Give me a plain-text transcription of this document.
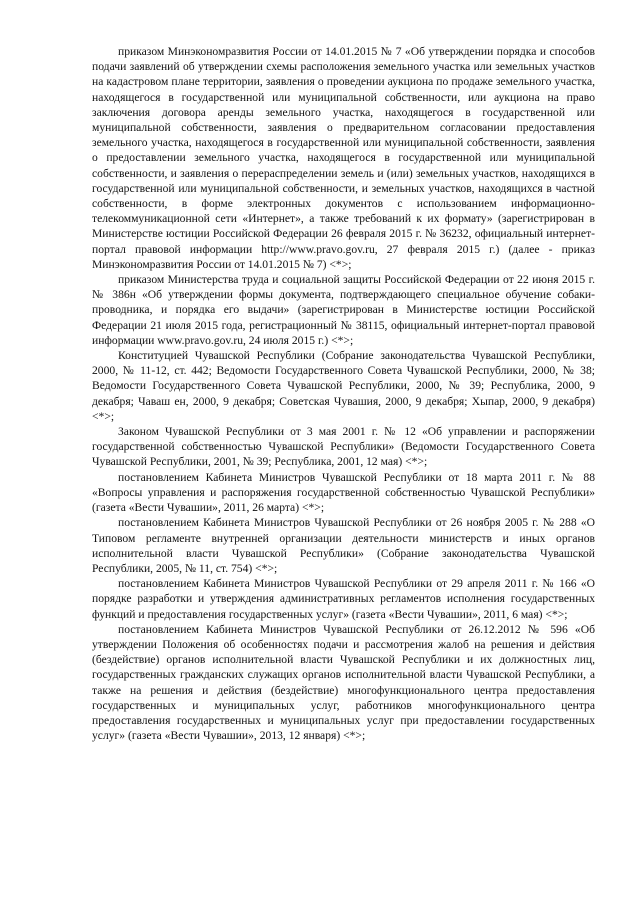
приказом Минэкономразвития России от 14.01.2015 № 7 «Об утверждении порядка и способов подачи заявлений об утверждении схемы расположения земельного участка или земельных участков на кадастровом плане территории, заявления о проведении аукциона по продаже земельного участка, находящегося в государственной или муниципальной собственности, или аукциона на право заключения договора аренды земельного участка, находящегося в государственной или муниципальной собственности, заявления о предварительном согласовании предоставления земельного участка, находящегося в государственной или муниципальной собственности, заявления о предоставлении земельного участка, находящегося в государственной или муниципальной собственности, и заявления о перераспределении земель и (или) земельных участков, находящихся в государственной или муниципальной собственности, и земельных участков, находящихся в частной собственности, в форме электронных документов с использованием информационно-телекоммуникационной сети «Интернет», а также требований к их формату» (зарегистрирован в Министерстве юстиции Российской Федерации 26 февраля 2015 г. № 36232, официальный интернет-портал правовой информации http://www.pravo.gov.ru, 27 февраля 2015 г.) (далее - приказ Минэкономразвития России от 14.01.2015 № 7) <*>;

приказом Министерства труда и социальной защиты Российской Федерации от 22 июня 2015 г. № 386н «Об утверждении формы документа, подтверждающего специальное обучение собаки-проводника, и порядка его выдачи» (зарегистрирован в Министерстве юстиции Российской Федерации 21 июля 2015 года, регистрационный № 38115, официальный интернет-портал правовой информации www.pravo.gov.ru, 24 июля 2015 г.) <*>;

Конституцией Чувашской Республики (Собрание законодательства Чувашской Республики, 2000, № 11-12, ст. 442; Ведомости Государственного Совета Чувашской Республики, 2000, № 38; Ведомости Государственного Совета Чувашской Республики, 2000, № 39; Республика, 2000, 9 декабря; Чаваш ен, 2000, 9 декабря; Советская Чувашия, 2000, 9 декабря; Хыпар, 2000, 9 декабря) <*>;

Законом Чувашской Республики от 3 мая 2001 г. № 12 «Об управлении и распоряжении государственной собственностью Чувашской Республики» (Ведомости Государственного Совета Чувашской Республики, 2001, № 39; Республика, 2001, 12 мая) <*>;

постановлением Кабинета Министров Чувашской Республики от 18 марта 2011 г. № 88 «Вопросы управления и распоряжения государственной собственностью Чувашской Республики» (газета «Вести Чувашии», 2011, 26 марта) <*>;

постановлением Кабинета Министров Чувашской Республики от 26 ноября 2005 г. № 288 «О Типовом регламенте внутренней организации деятельности министерств и иных органов исполнительной власти Чувашской Республики» (Собрание законодательства Чувашской Республики, 2005, № 11, ст. 754) <*>;

постановлением Кабинета Министров Чувашской Республики от 29 апреля 2011 г. № 166 «О порядке разработки и утверждения административных регламентов исполнения государственных функций и предоставления государственных услуг» (газета «Вести Чувашии», 2011, 6 мая) <*>;

постановлением Кабинета Министров Чувашской Республики от 26.12.2012 № 596 «Об утверждении Положения об особенностях подачи и рассмотрения жалоб на решения и действия (бездействие) органов исполнительной власти Чувашской Республики и их должностных лиц, государственных гражданских служащих органов исполнительной власти Чувашской Республики, а также на решения и действия (бездействие) многофункционального центра предоставления государственных и муниципальных услуг, работников многофункционального центра предоставления государственных и муниципальных услуг при предоставлении государственных услуг» (газета «Вести Чувашии», 2013, 12 января) <*>;
